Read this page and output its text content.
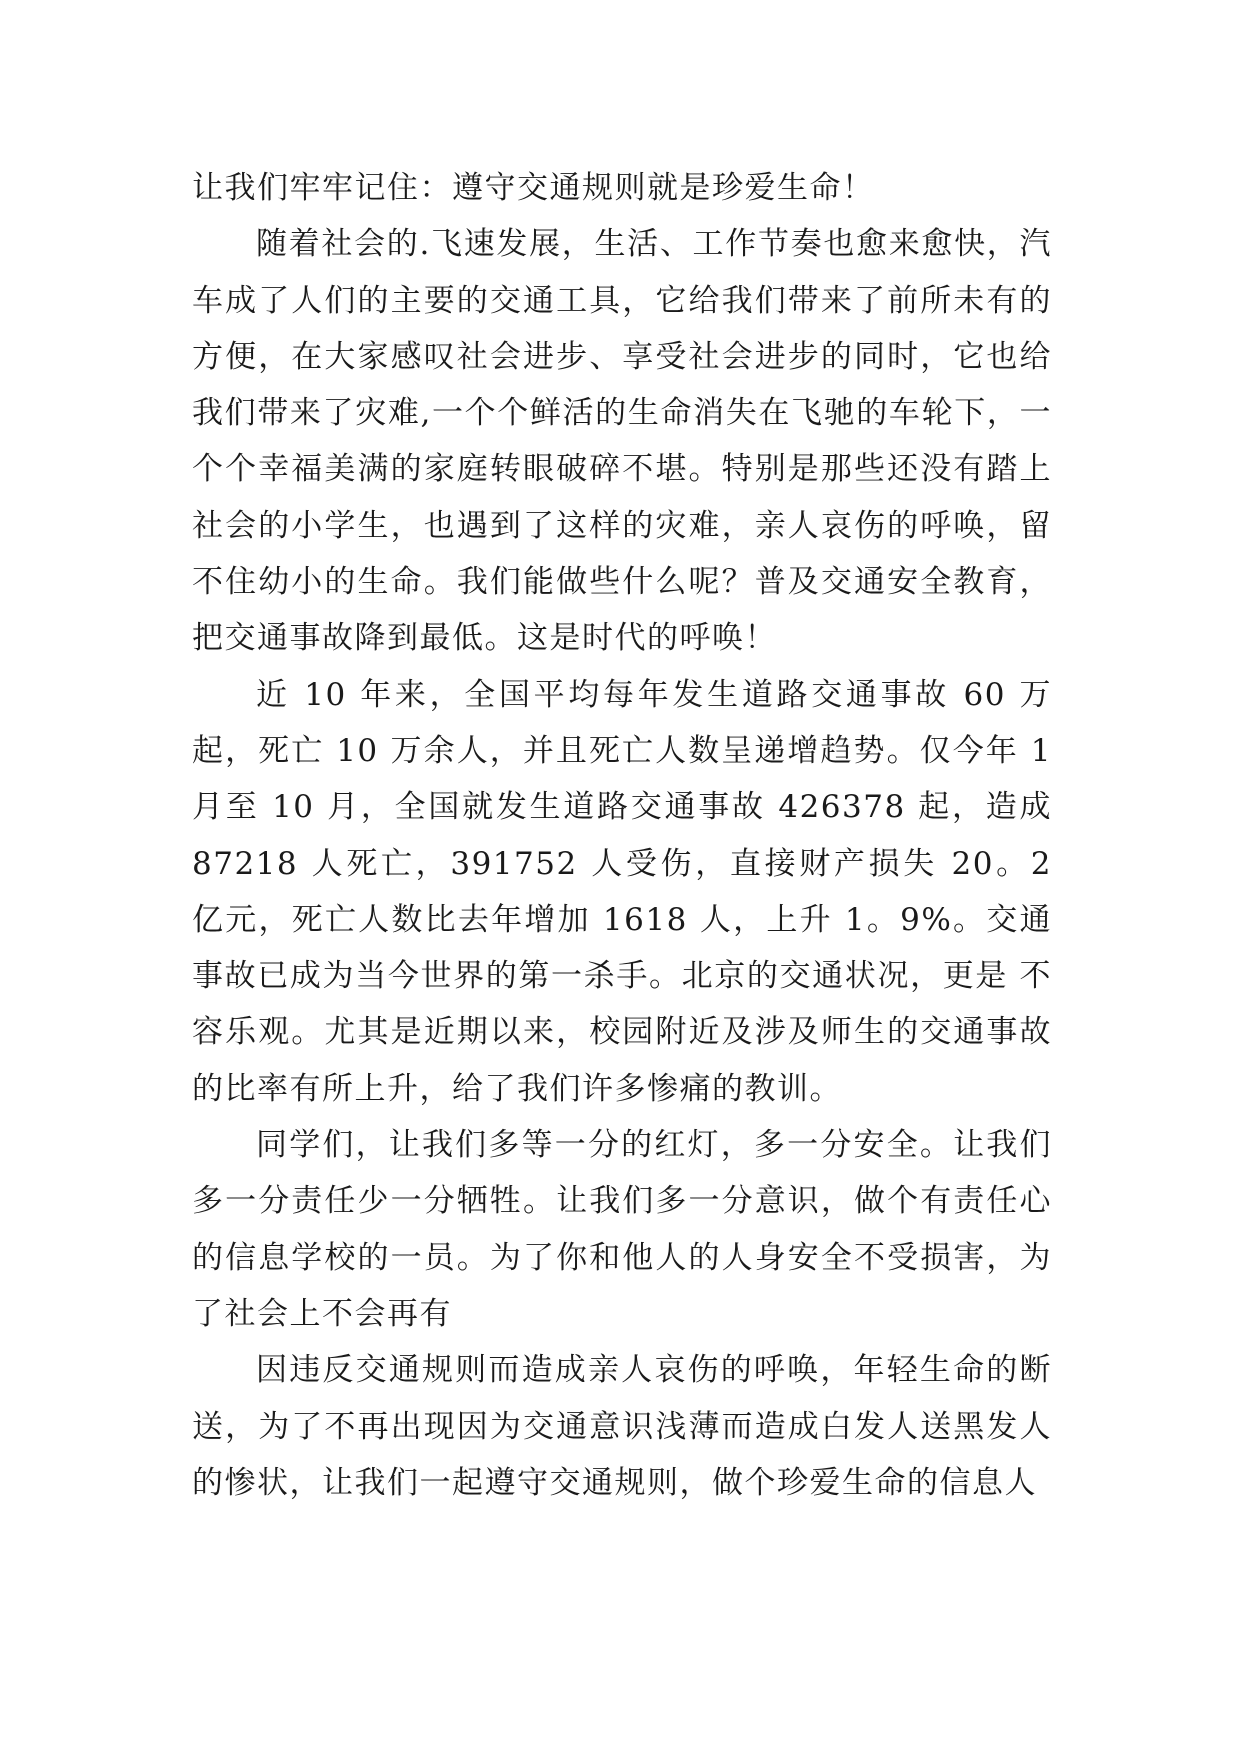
让我们牢牢记住：遵守交通规则就是珍爱生命！

随着社会的.飞速发展，生活、工作节奏也愈来愈快，汽车成了人们的主要的交通工具，它给我们带来了前所未有的方便，在大家感叹社会进步、享受社会进步的同时，它也给我们带来了灾难,一个个鲜活的生命消失在飞驰的车轮下，一个个幸福美满的家庭转眼破碎不堪。特别是那些还没有踏上社会的小学生，也遇到了这样的灾难，亲人哀伤的呼唤，留不住幼小的生命。我们能做些什么呢？普及交通安全教育，把交通事故降到最低。这是时代的呼唤！

近 10 年来，全国平均每年发生道路交通事故 60 万起，死亡 10 万余人，并且死亡人数呈递增趋势。仅今年 1 月至 10 月，全国就发生道路交通事故 426378 起，造成 87218 人死亡，391752 人受伤，直接财产损失 20。2 亿元，死亡人数比去年增加 1618 人，上升 1。9%。交通事故已成为当今世界的第一杀手。北京的交通状况，更是 不容乐观。尤其是近期以来，校园附近及涉及师生的交通事故的比率有所上升，给了我们许多惨痛的教训。

同学们，让我们多等一分的红灯，多一分安全。让我们多一分责任少一分牺牲。让我们多一分意识，做个有责任心的信息学校的一员。为了你和他人的人身安全不受损害，为了社会上不会再有

因违反交通规则而造成亲人哀伤的呼唤，年轻生命的断送，为了不再出现因为交通意识浅薄而造成白发人送黑发人的惨状，让我们一起遵守交通规则，做个珍爱生命的信息人
